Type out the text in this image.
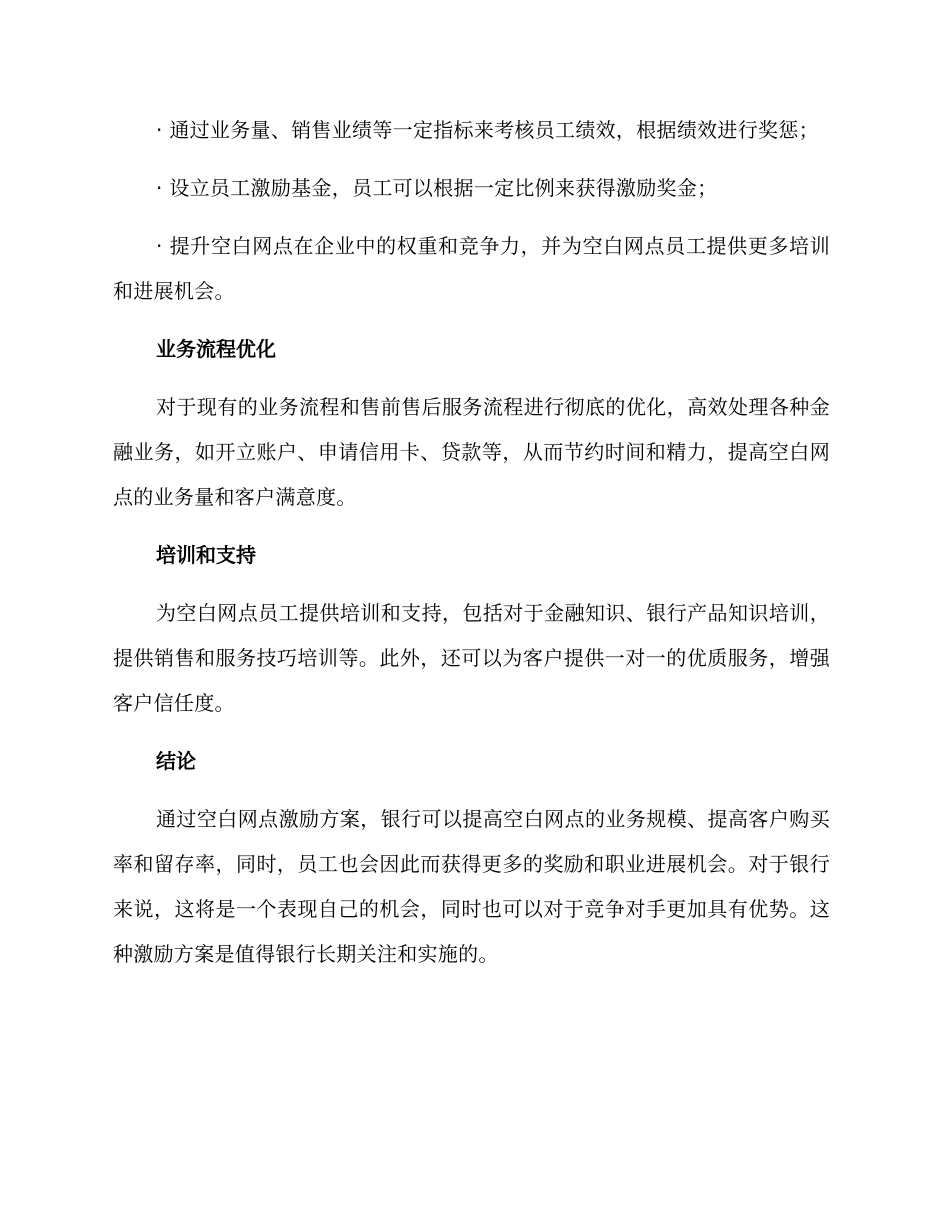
· 通过业务量、销售业绩等一定指标来考核员工绩效，根据绩效进行奖惩；

· 设立员工激励基金，员工可以根据一定比例来获得激励奖金；

· 提升空白网点在企业中的权重和竞争力，并为空白网点员工提供更多培训和进展机会。

业务流程优化

对于现有的业务流程和售前售后服务流程进行彻底的优化，高效处理各种金融业务，如开立账户、申请信用卡、贷款等，从而节约时间和精力，提高空白网点的业务量和客户满意度。

培训和支持

为空白网点员工提供培训和支持，包括对于金融知识、银行产品知识培训，提供销售和服务技巧培训等。此外，还可以为客户提供一对一的优质服务，增强客户信任度。

结论

通过空白网点激励方案，银行可以提高空白网点的业务规模、提高客户购买率和留存率，同时，员工也会因此而获得更多的奖励和职业进展机会。对于银行来说，这将是一个表现自己的机会，同时也可以对于竞争对手更加具有优势。这种激励方案是值得银行长期关注和实施的。
